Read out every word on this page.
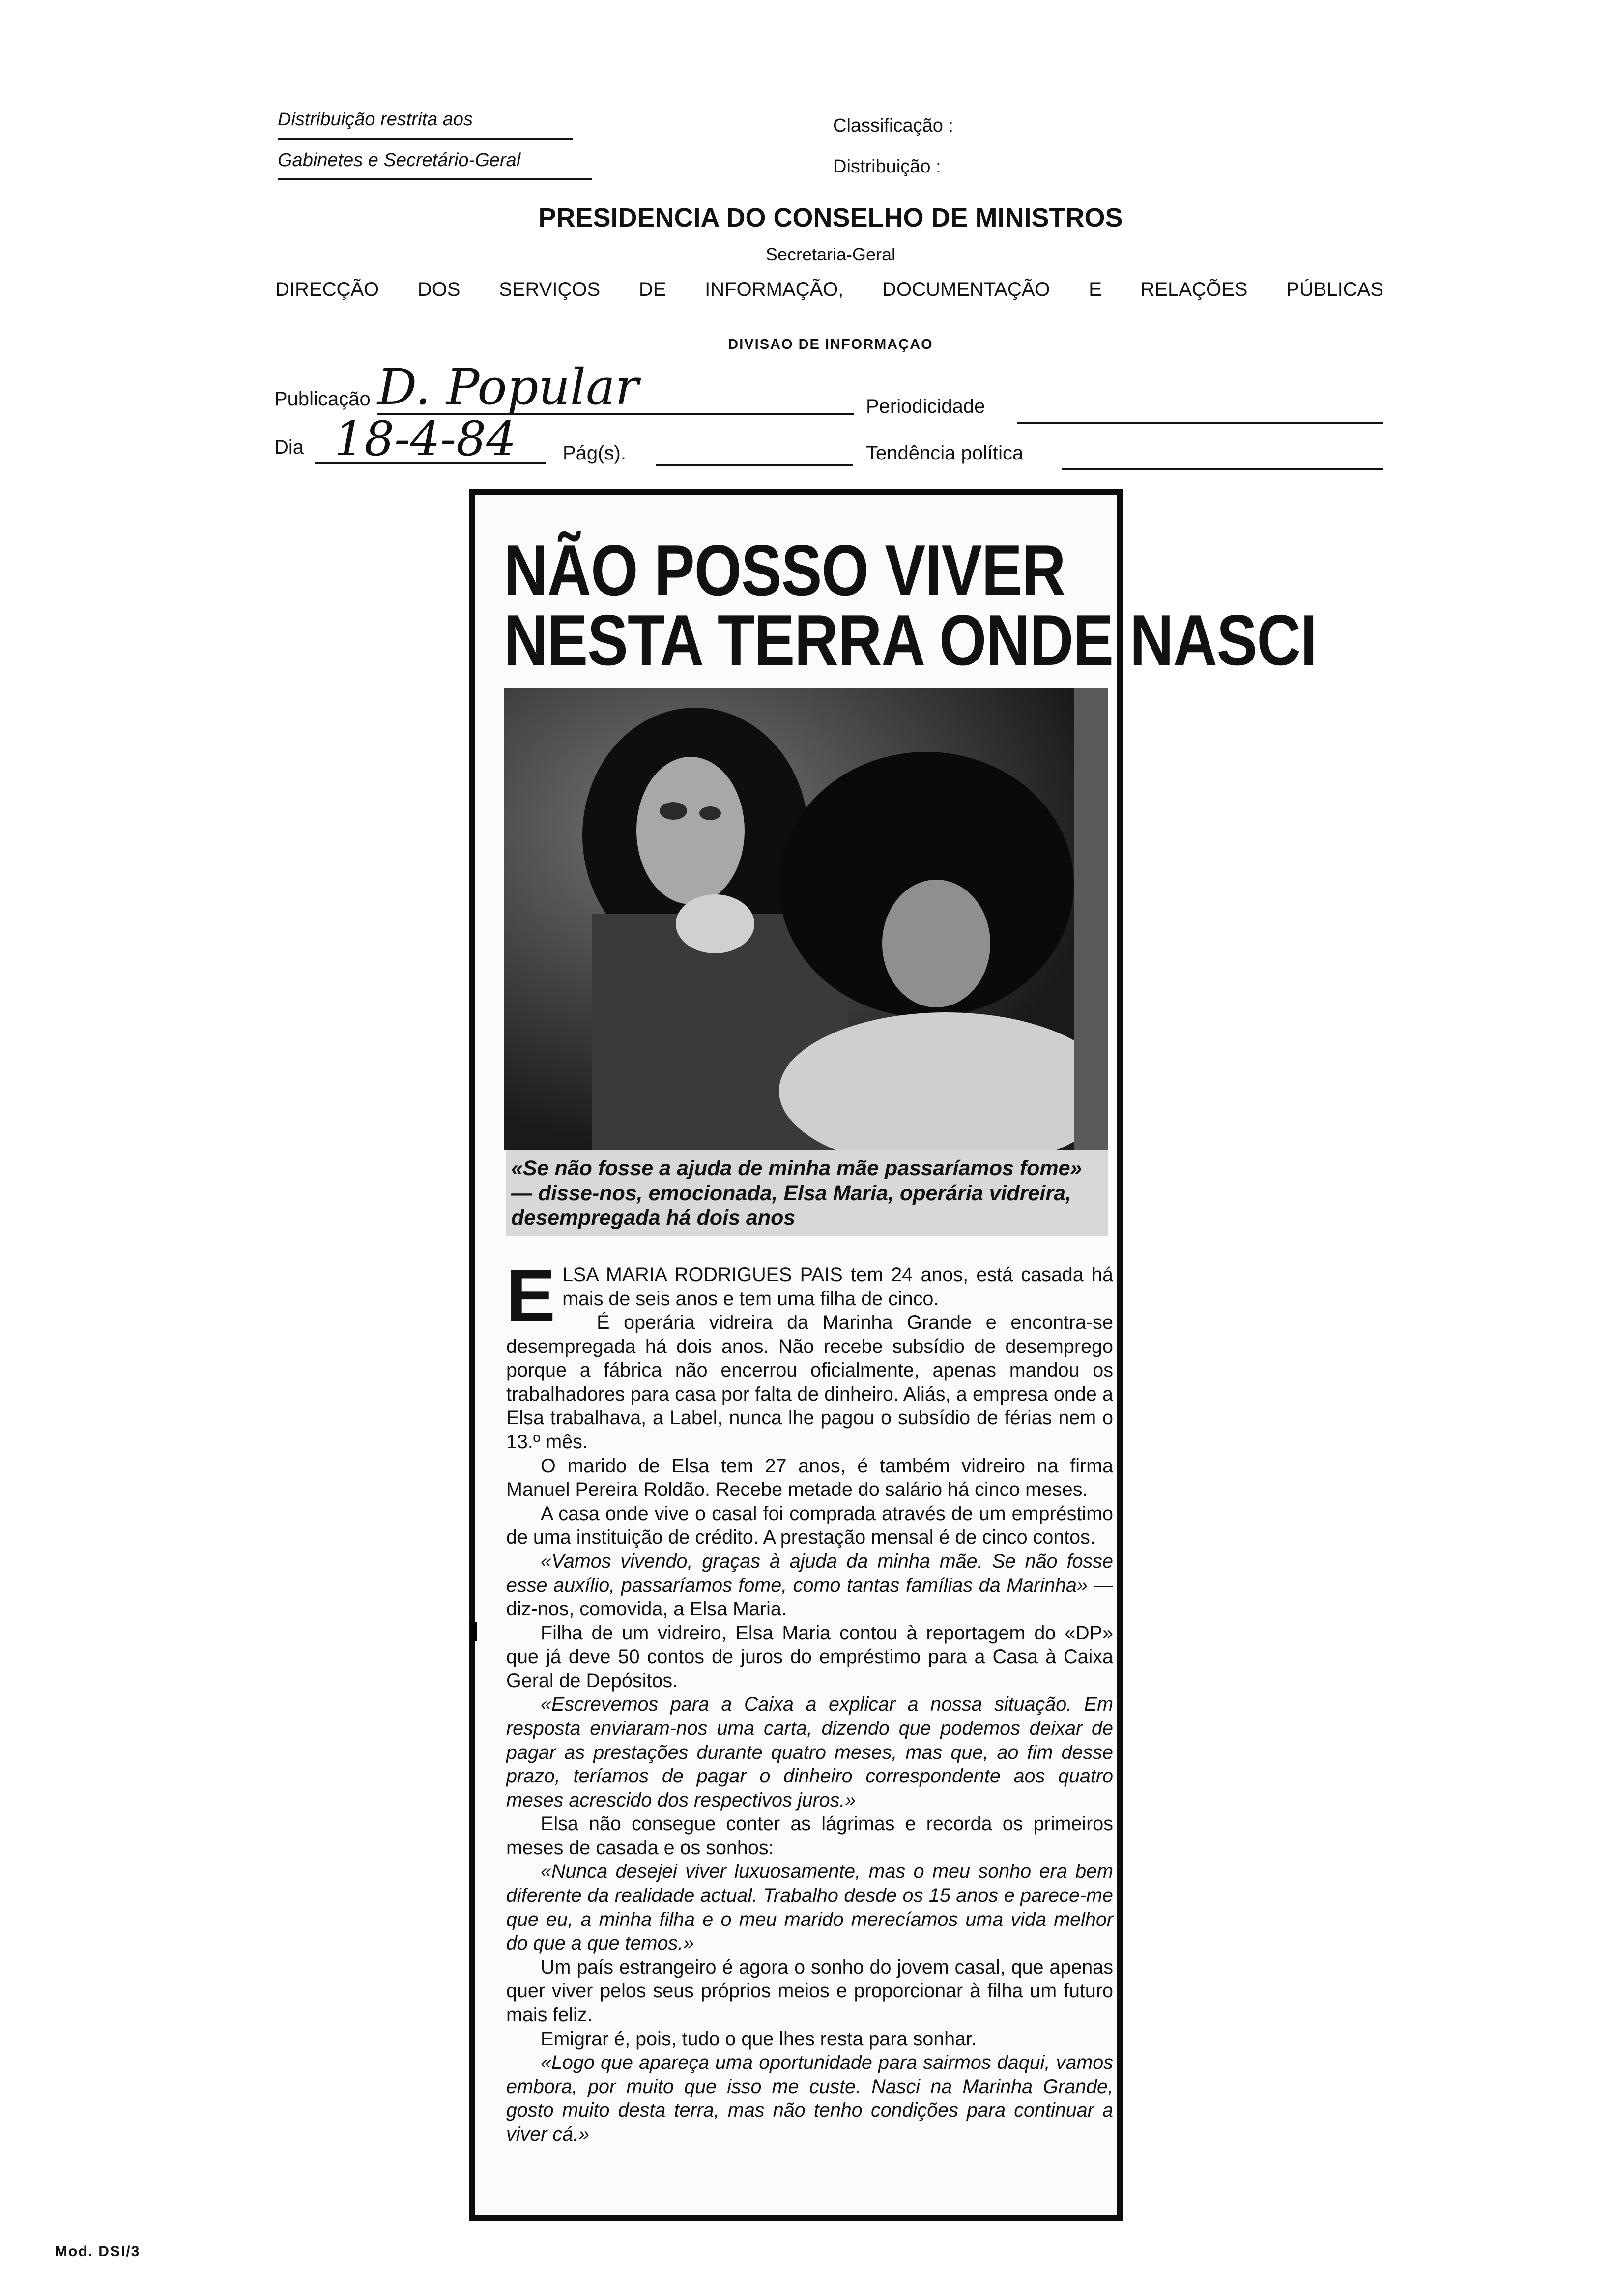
Distribuição restrita aos
Gabinetes e Secretário-Geral
Classificação :
Distribuição :
PRESIDENCIA DO CONSELHO DE MINISTROS
Secretaria-Geral
DIRECÇÃO DOS SERVIÇOS DE INFORMAÇÃO, DOCUMENTAÇÃO E RELAÇÕES PÚBLICAS
DIVISAO DE INFORMAÇAO
Publicação D. Popular	Periodicidade
Dia 18-4-84 Pág(s).	Tendência política
NÃO POSSO VIVER
NESTA TERRA ONDE NASCI
«Se não fosse a ajuda de minha mãe passaríamos fome» — disse-nos, emocionada, Elsa Maria, operária vidreira, desempregada há dois anos

ELSA MARIA RODRIGUES PAIS tem 24 anos, está casada há mais de seis anos e tem uma filha de cinco.

É operária vidreira da Marinha Grande e encontra-se desempregada há dois anos. Não recebe subsídio de desemprego porque a fábrica não encerrou oficialmente, apenas mandou os trabalhadores para casa por falta de dinheiro. Aliás, a empresa onde a Elsa trabalhava, a Label, nunca lhe pagou o subsídio de férias nem o 13.º mês.

O marido de Elsa tem 27 anos, é também vidreiro na firma Manuel Pereira Roldão. Recebe metade do salário há cinco meses.

A casa onde vive o casal foi comprada através de um empréstimo de uma instituição de crédito. A prestação mensal é de cinco contos.

«Vamos vivendo, graças à ajuda da minha mãe. Se não fosse esse auxílio, passaríamos fome, como tantas famílias da Marinha» — diz-nos, comovida, a Elsa Maria.

Filha de um vidreiro, Elsa Maria contou à reportagem do «DP» que já deve 50 contos de juros do empréstimo para a Casa à Caixa Geral de Depósitos.

«Escrevemos para a Caixa a explicar a nossa situação. Em resposta enviaram-nos uma carta, dizendo que podemos deixar de pagar as prestações durante quatro meses, mas que, ao fim desse prazo, teríamos de pagar o dinheiro correspondente aos quatro meses acrescido dos respectivos juros.»

Elsa não consegue conter as lágrimas e recorda os primeiros meses de casada e os sonhos:

«Nunca desejei viver luxuosamente, mas o meu sonho era bem diferente da realidade actual. Trabalho desde os 15 anos e parece-me que eu, a minha filha e o meu marido merecíamos uma vida melhor do que a que temos.»

Um país estrangeiro é agora o sonho do jovem casal, que apenas quer viver pelos seus próprios meios e proporcionar à filha um futuro mais feliz.

Emigrar é, pois, tudo o que lhes resta para sonhar.

«Logo que apareça uma oportunidade para sairmos daqui, vamos embora, por muito que isso me custe. Nasci na Marinha Grande, gosto muito desta terra, mas não tenho condições para continuar a viver cá.»

Mod. DSI/3
